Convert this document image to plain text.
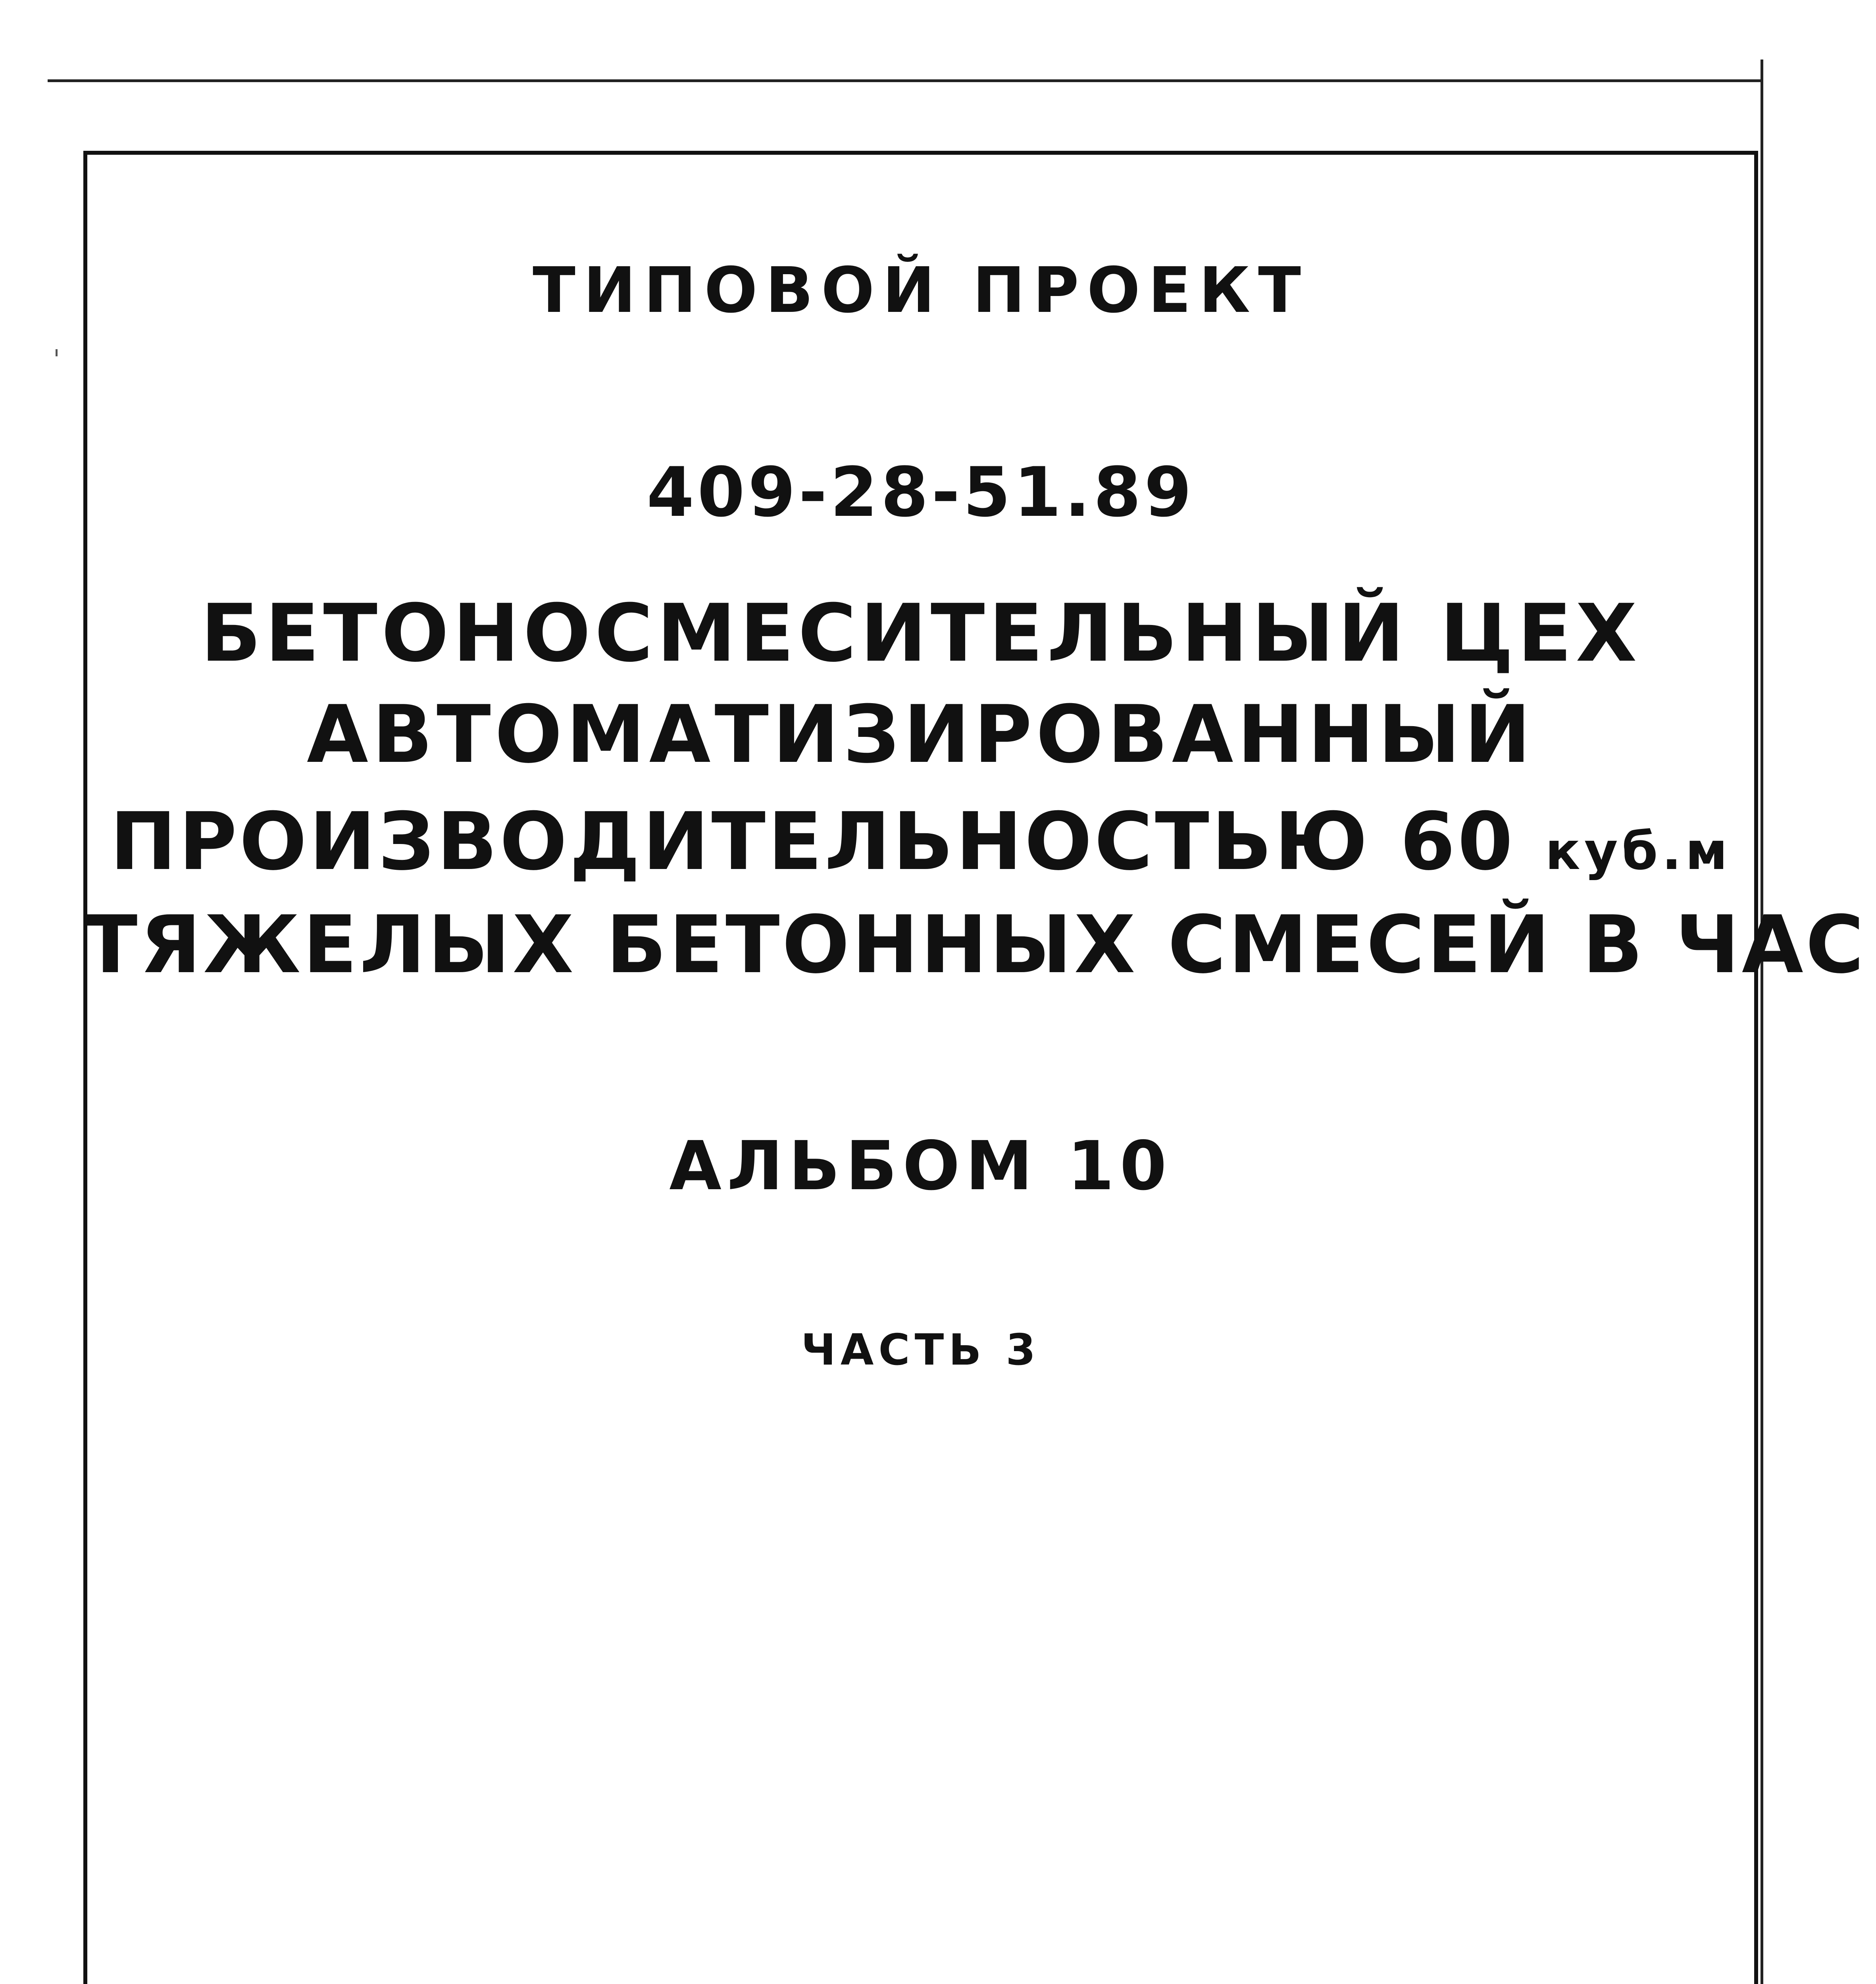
ТИПОВОЙ ПРОЕКТ
409-28-51.89
БЕТОНОСМЕСИТЕЛЬНЫЙ ЦЕХ
АВТОМАТИЗИРОВАННЫЙ
ПРОИЗВОДИТЕЛЬНОСТЬЮ 60 куб.м
ТЯЖЕЛЫХ БЕТОННЫХ СМЕСЕЙ В ЧАС
АЛЬБОМ 10
ЧАСТЬ 3
